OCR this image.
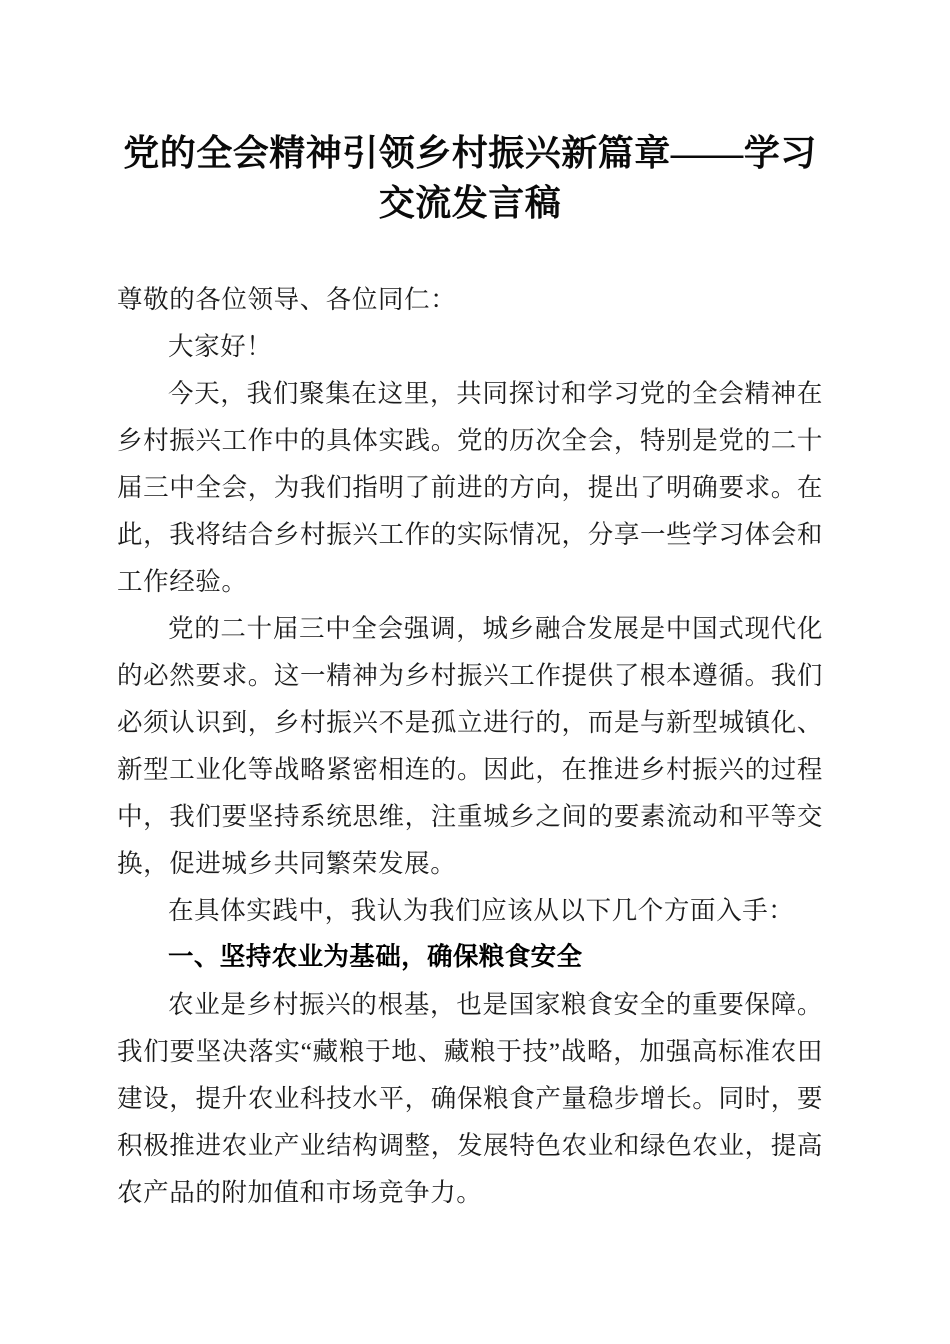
党的全会精神引领乡村振兴新篇章——学习交流发言稿

尊敬的各位领导、各位同仁：

大家好！

今天，我们聚集在这里，共同探讨和学习党的全会精神在乡村振兴工作中的具体实践。党的历次全会，特别是党的二十届三中全会，为我们指明了前进的方向，提出了明确要求。在此，我将结合乡村振兴工作的实际情况，分享一些学习体会和工作经验。

党的二十届三中全会强调，城乡融合发展是中国式现代化的必然要求。这一精神为乡村振兴工作提供了根本遵循。我们必须认识到，乡村振兴不是孤立进行的，而是与新型城镇化、新型工业化等战略紧密相连的。因此，在推进乡村振兴的过程中，我们要坚持系统思维，注重城乡之间的要素流动和平等交换，促进城乡共同繁荣发展。

在具体实践中，我认为我们应该从以下几个方面入手：

一、坚持农业为基础，确保粮食安全

农业是乡村振兴的根基，也是国家粮食安全的重要保障。我们要坚决落实“藏粮于地、藏粮于技”战略，加强高标准农田建设，提升农业科技水平，确保粮食产量稳步增长。同时，要积极推进农业产业结构调整，发展特色农业和绿色农业，提高农产品的附加值和市场竞争力。
